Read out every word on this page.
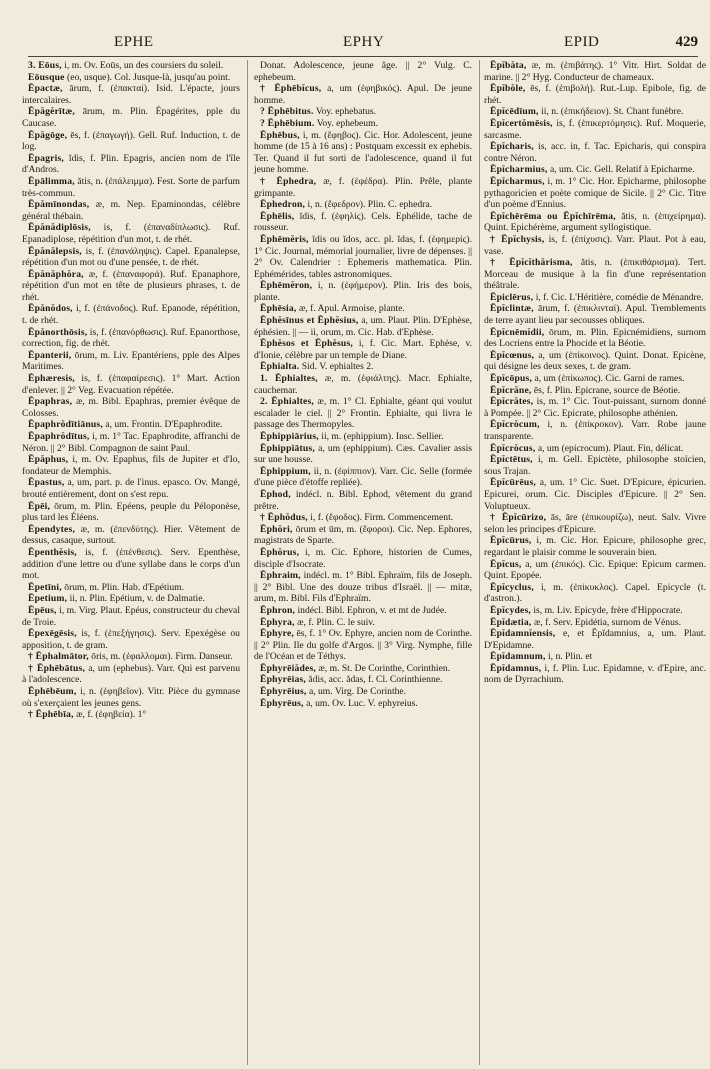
EPHE	EPHY	EPID	429

3. Eōus, i, m. Ov. Eoūs, un des coursiers du soleil.

Eōusque (eo, usque). Col. Jusque-là, jusqu'au point.

Ēpactæ, ārum, f. (ἐπακταί). Isid. L'épacte, jours intercalaires.

Ēpăgĕrītæ, ārum, m. Plin. Épagérites, pple du Caucase.

Ēpăgōge, ēs, f. (ἐπαγωγή). Gell. Ruf. Induction, t. de log.

Ēpagris, ĭdis, f. Plin. Epagris, ancien nom de l'île d'Andros.

Ēpālimma, ătis, n. (ἐπάλειμμα). Fest. Sorte de parfum très-commun.

Ēpămīnondas, æ, m. Nep. Epaminondas, célèbre général thébain.

Ēpănădiplōsis, is, f. (ἐπαναδίπλωσις). Ruf. Epanadiplose, répétition d'un mot, t. de rhét.

Ēpănălepsis, is, f. (ἐπανάληψις). Capel. Epanalepse, répétition d'un mot ou d'une pensée, t. de rhét.

Ēpănăphŏra, æ, f. (ἐπαναφορά). Ruf. Epanaphore, répétition d'un mot en tête de plusieurs phrases, t. de rhét.

Ēpănŏdos, i, f. (ἐπάνοδος). Ruf. Epanode, répétition, t. de rhét.

Ēpănorthōsis, is, f. (ἐπανόρθωσις). Ruf. Epanorthose, correction, fig. de rhét.

Ēpanterii, ōrum, m. Liv. Epantériens, pple des Alpes Maritimes.

Ēphæresis, is, f. (ἐπαφαίρεσις). 1° Mart. Action d'enlever. || 2° Veg. Evacuation répétée.

Ēpaphras, æ, m. Bibl. Epaphras, premier évêque de Colosses.

Ēpaphrŏdītiānus, a, um. Frontin. D'Epaphrodite.

Ēpaphrŏdītus, i, m. 1° Tac. Epaphrodite, affranchi de Néron. || 2° Bibl. Compagnon de saint Paul.

Ēpăphus, i, m. Ov. Epaphus, fils de Jupiter et d'Io, fondateur de Memphis.

Ēpastus, a, um, part. p. de l'inus. epasco. Ov. Mangé, brouté entièrement, dont on s'est repu.

Ēpēi, ōrum, m. Plin. Epéens, peuple du Péloponèse, plus tard les Éléens.

Ēpendytes, æ, m. (ἐπενδύτης). Hier. Vêtement de dessus, casaque, surtout.

Ēpenthĕsis, is, f. (ἐπένθεσις). Serv. Epenthèse, addition d'une lettre ou d'une syllabe dans le corps d'un mot.

Ēpetīni, ōrum, m. Plin. Hab. d'Epétium.

Ēpetium, ii, n. Plin. Epétium, v. de Dalmatie.

Ēpēus, i, m. Virg. Plaut. Epéus, constructeur du cheval de Troie.

Ēpexēgēsis, is, f. (ἐπεξήγησις). Serv. Epexégèse ou apposition, t. de gram.

† Ēphalmātor, ōris, m. (ἐφαλλομαι). Firm. Danseur.

† Ēphēbātus, a, um (ephebus). Varr. Qui est parvenu à l'adolescence.

Ēphēbēum, i, n. (ἐφηβεῖον). Vitr. Pièce du gymnase où s'exerçaient les jeunes gens.

† Ēphēbīa, æ, f. (ἐφηβεία). 1°

Donat. Adolescence, jeune âge. || 2° Vulg. C. ephebeum.

† Ēphēbĭcus, a, um (ἐφηβικός). Apul. De jeune homme.

? Ēphēbitus. Voy. ephebatus.

? Ēphēbium. Voy. ephebeum.

Ēphēbus, i, m. (ἔφηβος). Cic. Hor. Adolescent, jeune homme (de 15 à 16 ans) : Postquam excessit ex ephebis. Ter. Quand il fut sorti de l'adolescence, quand il fut jeune homme.

† Ēphedra, æ, f. (ἐφέδρα). Plin. Prêle, plante grimpante.

Ēphedron, i, n. (ἔφεδρον). Plin. C. ephedra.

Ēphēlis, ĭdis, f. (ἐφηλίς). Cels. Ephélide, tache de rousseur.

Ēphēmĕris, ĭdis ou ĭdos, acc. pl. ĭdas, f. (ἐφημερίς). 1° Cic. Journal, mémorial journalier, livre de dépenses. || 2° Ov. Calendrier : Ephemeris mathematica. Plin. Ephémérides, tables astronomiques.

Ēphēmĕron, i, n. (ἐφήμερον). Plin. Iris des bois, plante.

Ēphēsia, æ, f. Apul. Armoise, plante.

Ēphĕsīnus et Ēphĕsius, a, um. Plaut. Plin. D'Ephèse, éphésien. || — ii, orum, m. Cic. Hab. d'Ephèse.

Ēphĕsos et Ēphĕsus, i, f. Cic. Mart. Ephèse, v. d'Ionie, célèbre par un temple de Diane.

Ēphialta. Sid. V. ephialtes 2.

1. Ēphialtes, æ, m. (ἐφιάλτης). Macr. Ephialte, cauchemar.

2. Ēphialtes, æ, m. 1° Cl. Ephialte, géant qui voulut escalader le ciel. || 2° Frontin. Ephialte, qui livra le passage des Thermopyles.

Ēphippiārius, ii, m. (ephippium). Insc. Sellier.

Ēphippiātus, a, um (ephippium). Cæs. Cavalier assis sur une housse.

Ēphippium, ii, n. (ἐφίππιον). Varr. Cic. Selle (formée d'une pièce d'étoffe repliée).

Ēphod, indécl. n. Bibl. Ephod, vêtement du grand prêtre.

† Ēphŏdus, i, f. (ἔφοδος). Firm. Commencement.

Ēphŏri, ōrum et ūm, m. (ἔφοροι). Cic. Nep. Ephores, magistrats de Sparte.

Ēphŏrus, i, m. Cic. Ephore, historien de Cumes, disciple d'Isocrate.

Ēphraim, indécl. m. 1° Bibl. Ephraïm, fils de Joseph. || 2° Bibl. Une des douze tribus d'Israël. || — mitæ, arum, m. Bibl. Fils d'Ephraïm.

Ēphron, indécl. Bibl. Ephron, v. et mt de Judée.

Ēphyra, æ, f. Plin. C. le suiv.

Ēphyre, ēs, f. 1° Ov. Ephyre, ancien nom de Corinthe. || 2° Plin. Ile du golfe d'Argos. || 3° Virg. Nymphe, fille de l'Océan et de Téthys.

Ēphyrēiădes, æ, m. St. De Corinthe, Corinthien.

Ēphyrēias, ădis, acc. ădas, f. Cl. Corinthienne.

Ēphyrēius, a, um. Virg. De Corinthe.

Ēphyrēus, a, um. Ov. Luc. V. ephyreius.

Ēpĭbăta, æ, m. (ἐπιβάτης). 1° Vitr. Hirt. Soldat de marine. || 2° Hyg. Conducteur de chameaux.

Ēpĭbŏle, ēs, f. (ἐπιβολή). Rut.-Lup. Epibole, fig. de rhét.

Ēpĭcēdīum, ii, n. (ἐπικήδειον). St. Chant funèbre.

Ēpĭcertŏmēsis, is, f. (ἐπικερτόμησις). Ruf. Moquerie, sarcasme.

Ēpĭcharis, is, acc. in, f. Tac. Epicharis, qui conspira contre Néron.

Ēpĭcharmius, a, um. Cic. Gell. Relatif à Epicharme.

Ēpĭcharmus, i, m. 1° Cic. Hor. Epicharme, philosophe pythagoricien et poète comique de Sicile. || 2° Cic. Titre d'un poème d'Ennius.

Ēpĭchērēma ou Ēpĭchīrēma, ătis, n. (ἐπιχείρημα). Quint. Epichérème, argument syllogistique.

† Ēpĭchysis, is, f. (ἐπίχυσις). Varr. Plaut. Pot à eau, vase.

† Ēpĭcĭthărisma, ătis, n. (ἐπικιθάρισμα). Tert. Morceau de musique à la fin d'une représentation théâtrale.

Ēpiclērus, i, f. Cic. L'Héritière, comédie de Ménandre.

Ēpĭclintæ, ārum, f. (ἐπικλινταί). Apul. Tremblements de terre ayant lieu par secousses obliques.

Ēpĭcnēmĭdii, ōrum, m. Plin. Epicnémidiens, surnom des Locriens entre la Phocide et la Béotie.

Ēpĭcœnus, a, um (ἐπίκοινος). Quint. Donat. Epicène, qui désigne les deux sexes, t. de gram.

Ēpĭcōpus, a, um (ἐπίκωπος). Cic. Garni de rames.

Ēpĭcrăne, ēs, f. Plin. Epicrane, source de Béotie.

Ēpĭcrătes, is, m. 1° Cic. Tout-puissant, surnom donné à Pompée. || 2° Cic. Epicrate, philosophe athénien.

Ēpĭcrŏcum, i, n. (ἐπίκροκον). Varr. Robe jaune transparente.

Ēpĭcrŏcus, a, um (epicrocum). Plaut. Fin, délicat.

Ēpĭctētus, i, m. Gell. Epictète, philosophe stoïcien, sous Trajan.

Ēpĭcūrēus, a, um. 1° Cic. Suet. D'Epicure, épicurien. Epicurei, orum. Cic. Disciples d'Epicure. || 2° Sen. Voluptueux.

† Ēpĭcūrizo, ās, āre (ἐπικουρίζω), neut. Salv. Vivre selon les principes d'Epicure.

Ēpĭcūrus, i, m. Cic. Hor. Epicure, philosophe grec, regardant le plaisir comme le souverain bien.

Ēpĭcus, a, um (ἐπικός). Cic. Epique: Epicum carmen. Quint. Epopée.

Ēpĭcyclus, i, m. (ἐπίκυκλος). Capel. Epicycle (t. d'astron.).

Ēpĭcydes, is, m. Liv. Epicyde, frère d'Hippocrate.

Ēpĭdætia, æ, f. Serv. Epidétia, surnom de Vénus.

Ēpĭdamnĭensis, e, et Ēpĭdamnius, a, um. Plaut. D'Epidamne.

Ēpĭdamnum, i, n. Plin. et

Ēpĭdamnus, i, f. Plin. Luc. Epidamne, v. d'Epire, anc. nom de Dyrrachium.
